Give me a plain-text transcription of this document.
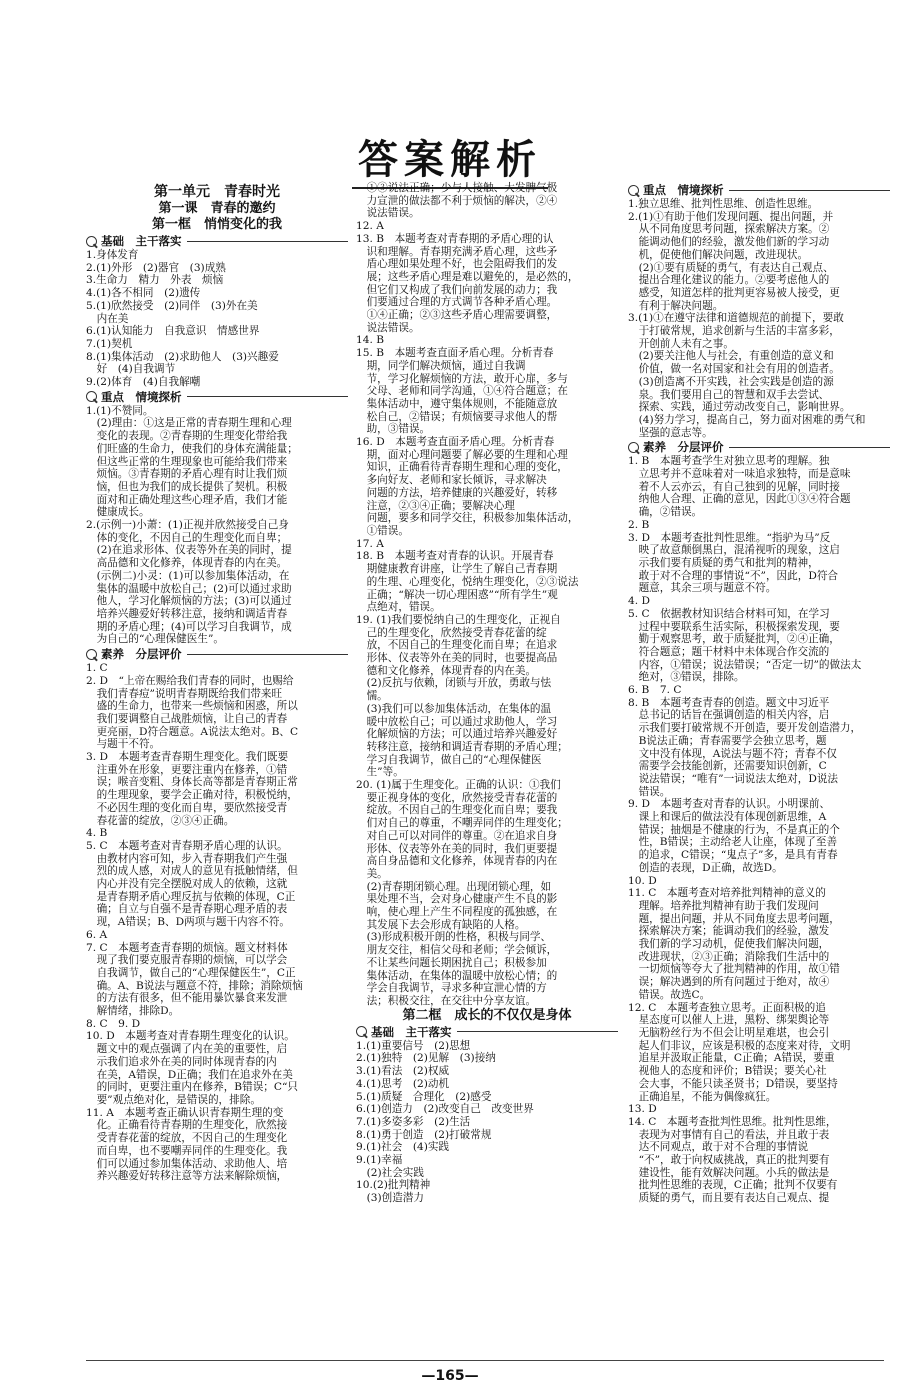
答案解析
第一单元　青春时光
第一课　青春的邀约
第一框　悄悄变化的我
基础　主干落实
1.身体发育
2.(1)外形　(2)器官　(3)成熟
3.生命力　精力　外表　烦恼
4.(1)各不相同　(2)遗传
5.(1)欣然接受　(2)同伴　(3)外在美
　内在美
6.(1)认知能力　自我意识　情感世界
7.(1)契机
8.(1)集体活动　(2)求助他人　(3)兴趣爱
　好　(4)自我调节
9.(2)体育　(4)自我解嘲
重点　情境探析
1.(1)不赞同。
　(2)理由：①这是正常的青春期生理和心理
　变化的表现。②青春期的生理变化带给我
　们旺盛的生命力，使我们的身体充满能量；
　但这些正常的生理现象也可能给我们带来
　烦恼。③青春期的矛盾心理有时让我们烦
　恼，但也为我们的成长提供了契机。积极
　面对和正确处理这些心理矛盾，我们才能
　健康成长。
2.(示例一)小萧：(1)正视并欣然接受自己身
　体的变化，不因自己的生理变化而自卑；
　(2)在追求形体、仪表等外在美的同时，提
　高品德和文化修养，体现青春的内在美。
　(示例二)小灵：(1)可以参加集体活动，在
　集体的温暖中放松自己；(2)可以通过求助
　他人，学习化解烦恼的方法；(3)可以通过
　培养兴趣爱好转移注意，接纳和调适青春
　期的矛盾心理；(4)可以学习自我调节，成
　为自己的“心理保健医生”。
素养　分层评价
1. C
2. D　“上帝在赐给我们青春的同时，也赐给
　我们青春痘”说明青春期既给我们带来旺
　盛的生命力，也带来一些烦恼和困惑，所以
　我们要调整自己战胜烦恼，让自己的青春
　更亮丽，D符合题意。A说法太绝对。B、C
　与题干不符。
3. D　本题考查青春期生理变化。我们既要
　注重外在形象，更要注重内在修养，①错
　误；喉音变粗、身体长高等都是青春期正常
　的生理现象，要学会正确对待，积极悦纳，
　不必因生理的变化而自卑，要欣然接受青
　春花蕾的绽放，②③④正确。
4. B
5. C　本题考查对青春期矛盾心理的认识。
　由教材内容可知，步入青春期我们产生强
　烈的成人感，对成人的意见有抵触情绪，但
　内心并没有完全摆脱对成人的依赖，这就
　是青春期矛盾心理反抗与依赖的体现，C正
　确；自立与自强不是青春期心理矛盾的表
　现，A错误；B、D两项与题干内容不符。
6. A
7. C　本题考查青春期的烦恼。题文材料体
　现了我们要克服青春期的烦恼，可以学会
　自我调节，做自己的“心理保健医生”，C正
　确。A、B说法与题意不符，排除；消除烦恼
　的方法有很多，但不能用暴饮暴食来发泄
　解情绪，排除D。
8. C　9. D
10. D　本题考查对青春期生理变化的认识。
　题文中的观点强调了内在美的重要性，启
　示我们追求外在美的同时体现青春的内
　在美，A错误，D正确；我们在追求外在美
　的同时，更要注重内在修养，B错误；C“只
　要”观点绝对化，是错误的，排除。
11. A　本题考查正确认识青春期生理的变
　化。正确看待青春期的生理变化，欣然接
　受青春花蕾的绽放，不因自己的生理变化
　而自卑，也不要嘲弄同伴的生理变化。我
　们可以通过参加集体活动、求助他人、培
　养兴趣爱好转移注意等方法来解除烦恼，
　①③说法正确；少与人接触、大发脾气极
　力宣泄的做法都不利于烦恼的解决，②④
　说法错误。
12. A
13. B　本题考查对青春期的矛盾心理的认
　识和理解。青春期充满矛盾心理，这些矛
　盾心理如果处理不好，也会阻碍我们的发
　展；这些矛盾心理是难以避免的，是必然的，
　但它们又构成了我们向前发展的动力；我
　们要通过合理的方式调节各种矛盾心理。
　①④正确；②③这些矛盾心理需要调整，
　说法错误。
14. B
15. B　本题考查直面矛盾心理。分析青春
　期，同学们解决烦恼，通过自我调
　节，学习化解烦恼的方法，敢开心扉，多与
　父母、老师和同学沟通，①④符合题意；在
　集体活动中，遵守集体规则，不能随意放
　松自己，②错误；有烦恼要寻求他人的帮
　助，③错误。
16. D　本题考查直面矛盾心理。分析青春
　期，面对心理问题要了解必要的生理和心理
　知识，正确看待青春期生理和心理的变化，
　多向好友、老师和家长倾诉，寻求解决
　问题的方法，培养健康的兴趣爱好，转移
　注意，②③④正确；要解决心理
　问题，要多和同学交往，积极参加集体活动，
　①错误。
17. A
18. B　本题考查对青春的认识。开展青春
　期健康教育讲座，让学生了解自己青春期
　的生理、心理变化，悦纳生理变化，②③说法
　正确；“解决一切心理困惑”“所有学生”观
　点绝对，错误。
19. (1)我们要悦纳自己的生理变化，正视自
　己的生理变化，欣然接受青春花蕾的绽
　放，不因自己的生理变化而自卑；在追求
　形体、仪表等外在美的同时，也要提高品
　德和文化修养，体现青春的内在美。
　(2)反抗与依赖，闭锁与开放，勇敢与怯
　懦。
　(3)我们可以参加集体活动，在集体的温
　暖中放松自己；可以通过求助他人，学习
　化解烦恼的方法；可以通过培养兴趣爱好
　转移注意，接纳和调适青春期的矛盾心理；
　学习自我调节，做自己的“心理保健医
　生”等。
20. (1)属于生理变化。正确的认识：①我们
　要正视身体的变化，欣然接受青春花蕾的
　绽放。不因自己的生理变化而自卑；要我
　们对自己的尊重，不嘲弄同伴的生理变化；
　对自己可以对同伴的尊重。②在追求自身
　形体、仪表等外在美的同时，我们更要提
　高自身品德和文化修养，体现青春的内在
　美。
　(2)青春期闭锁心理。出现闭锁心理，如
　果处理不当，会对身心健康产生不良的影
　响，使心理上产生不同程度的孤独感，在
　其发展下去会形成有缺陷的人格。
　(3)形成积极开朗的性格，积极与同学、
　朋友交往，相信父母和老师；学会倾诉，
　不让某些问题长期困扰自己；积极参加
　集体活动，在集体的温暖中放松心情；的
　学会自我调节，寻求多种宣泄心情的方
　法；积极交往，在交往中分享友谊。
第二框　成长的不仅仅是身体
基础　主干落实
1.(1)重要信号　(2)思想
2.(1)独特　(2)见解　(3)接纳
3.(1)看法　(2)权威
4.(1)思考　(2)动机
5.(1)质疑　合理化　(2)感受
6.(1)创造力　(2)改变自己　改变世界
7.(1)多姿多彩　(2)生活
8.(1)勇于创造　(2)打破常规
9.(1)社会　(4)实践
9.(1)幸福
　(2)社会实践
10.(2)批判精神
　(3)创造潜力
重点　情境探析
1.独立思维、批判性思维、创造性思维。
2.(1)①有助于他们发现问题、提出问题，并
　从不同角度思考问题，探索解决方案。②
　能调动他们的经验，激发他们新的学习动
　机，促使他们解决问题，改进现状。
　(2)①要有质疑的勇气，有表达自己观点、
　提出合理化建议的能力。②要考虑他人的
　感受，知道怎样的批判更容易被人接受，更
　有利于解决问题。
3.(1)①在遵守法律和道德规范的前提下，要敢
　于打破常规，追求创新与生活的丰富多彩，
　开创前人未有之事。
　(2)要关注他人与社会，有重创造的意义和
　价值，做一名对国家和社会有用的创造者。
　(3)创造离不开实践，社会实践是创造的源
　泉。我们要用自己的智慧和双手去尝试、
　探索、实践，通过劳动改变自己，影响世界。
　(4)努力学习，提高自己，努力面对困难的勇气和
　坚强的意志等。
素养　分层评价
1. B　本题考查学生对独立思考的理解。独
　立思考并不意味着对一味追求独特，而是意味
　着不人云亦云，有自己独到的见解，同时接
　纳他人合理、正确的意见，因此①③④符合题
　确，②错误。
2. B
3. D　本题考查批判性思维。“指驴为马”反
　映了故意颠倒黑白，混淆视听的现象，这启
　示我们要有质疑的勇气和批判的精神，
　敢于对不合理的事情说“不”，因此，D符合
　题意，其余三项与题意不符。
4. D
5. C　依据教材知识结合材料可知，在学习
　过程中要联系生活实际，积极探索发现，要
　勤于观察思考，敢于质疑批判，②④正确，
　符合题意；题干材料中未体现合作交流的
　内容，①错误；说法错误；“否定一切”的做法太
　绝对，③错误，排除。
6. B　7. C
8. B　本题考查青春的创造。题文中习近平
　总书记的话旨在强调创造的相关内容，启
　示我们要打破常规不开创造，要开发创造潜力，
　B说法正确；青春需要学会独立思考，题
　文中没有体现，A说法与题不符；青春不仅
　需要学会技能创新，还需要知识创新，C
　说法错误；“唯有”一词说法太绝对，D说法
　错误。
9. D　本题考查对青春的认识。小明课前、
　课上和课后的做法没有体现创新思维，A
　错误；抽烟是不健康的行为，不是真正的个
　性，B错误；主动给老人让座，体现了至善
　的追求，C错误；“鬼点子”多，是具有青春
　创造的表现，D正确，故选D。
10. D
11. C　本题考查对培养批判精神的意义的
　理解。培养批判精神有助于我们发现问
　题，提出问题，并从不同角度去思考问题，
　探索解决方案；能调动我们的经验，激发
　我们新的学习动机，促使我们解决问题，
　改进现状，②③正确；消除我们生活中的
　一切烦恼等夸大了批判精神的作用，故①错
　误；解决遇到的所有问题过于绝对，故④
　错误。故选C。
12. C　本题考查独立思考。正面积极的追
　星态度可以催人上进，黑粉、绑架舆论等
　无脑粉丝行为不但会让明星难堪，也会引
　起人们非议，应该是积极的态度来对待，文明
　追星并汲取正能量，C正确；A错误，要重
　视他人的态度和评价；B错误；要关心社
　会大事，不能只读圣贤书；D错误，要坚持
　正确追星，不能为偶像疯狂。
13. D
14. C　本题考查批判性思维。批判性思维，
　表现为对事情有自己的看法，并且敢于表
　达不同观点，敢于对不合理的事情说
　“不”，敢于向权威挑战，真正的批判要有
　建设性，能有效解决问题。小兵的做法是
　批判性思维的表现，C正确；批判不仅要有
　质疑的勇气，而且要有表达自己观点、提
—165—
